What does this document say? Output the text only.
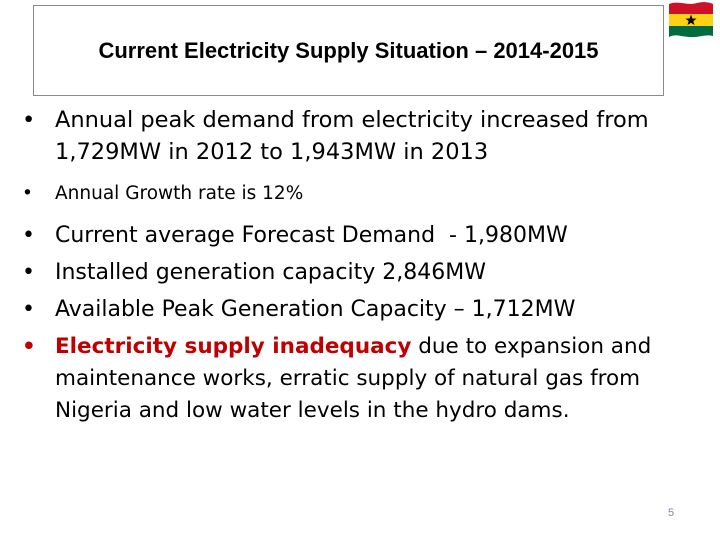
Current Electricity Supply Situation – 2014-2015
• Annual peak demand from electricity increased from 1,729MW in 2012 to 1,943MW in 2013
•	Annual Growth rate is 12%
• Current average Forecast Demand  - 1,980MW
• Installed generation capacity 2,846MW
• Available Peak Generation Capacity – 1,712MW
• Electricity supply inadequacy due to expansion and maintenance works, erratic supply of natural gas from Nigeria and low water levels in the hydro dams.
5
